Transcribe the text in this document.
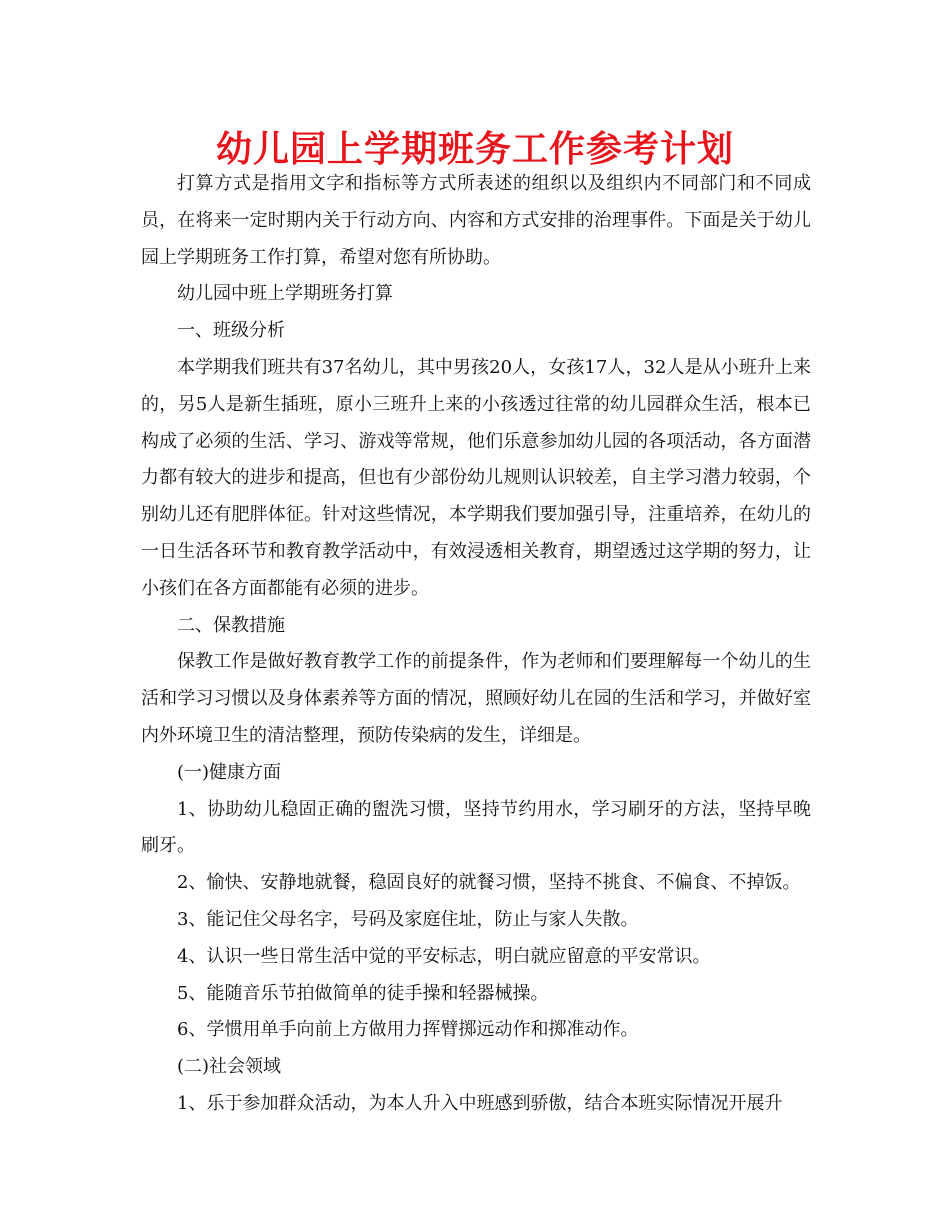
幼儿园上学期班务工作参考计划

打算方式是指用文字和指标等方式所表述的组织以及组织内不同部门和不同成员，在将来一定时期内关于行动方向、内容和方式安排的治理事件。下面是关于幼儿园上学期班务工作打算，希望对您有所协助。

幼儿园中班上学期班务打算

一、班级分析

本学期我们班共有37名幼儿，其中男孩20人，女孩17人，32人是从小班升上来的，另5人是新生插班，原小三班升上来的小孩透过往常的幼儿园群众生活，根本已构成了必须的生活、学习、游戏等常规，他们乐意参加幼儿园的各项活动，各方面潜力都有较大的进步和提高，但也有少部份幼儿规则认识较差，自主学习潜力较弱，个别幼儿还有肥胖体征。针对这些情况，本学期我们要加强引导，注重培养，在幼儿的一日生活各环节和教育教学活动中，有效浸透相关教育，期望透过这学期的努力，让小孩们在各方面都能有必须的进步。

二、保教措施

保教工作是做好教育教学工作的前提条件，作为老师和们要理解每一个幼儿的生活和学习习惯以及身体素养等方面的情况，照顾好幼儿在园的生活和学习，并做好室内外环境卫生的清洁整理，预防传染病的发生，详细是。

(一)健康方面

1、协助幼儿稳固正确的盥洗习惯，坚持节约用水，学习刷牙的方法，坚持早晚刷牙。

2、愉快、安静地就餐，稳固良好的就餐习惯，坚持不挑食、不偏食、不掉饭。

3、能记住父母名字，号码及家庭住址，防止与家人失散。

4、认识一些日常生活中觉的平安标志，明白就应留意的平安常识。

5、能随音乐节拍做简单的徒手操和轻器械操。

6、学惯用单手向前上方做用力挥臂掷远动作和掷准动作。

(二)社会领域

1、乐于参加群众活动，为本人升入中班感到骄傲，结合本班实际情况开展升
